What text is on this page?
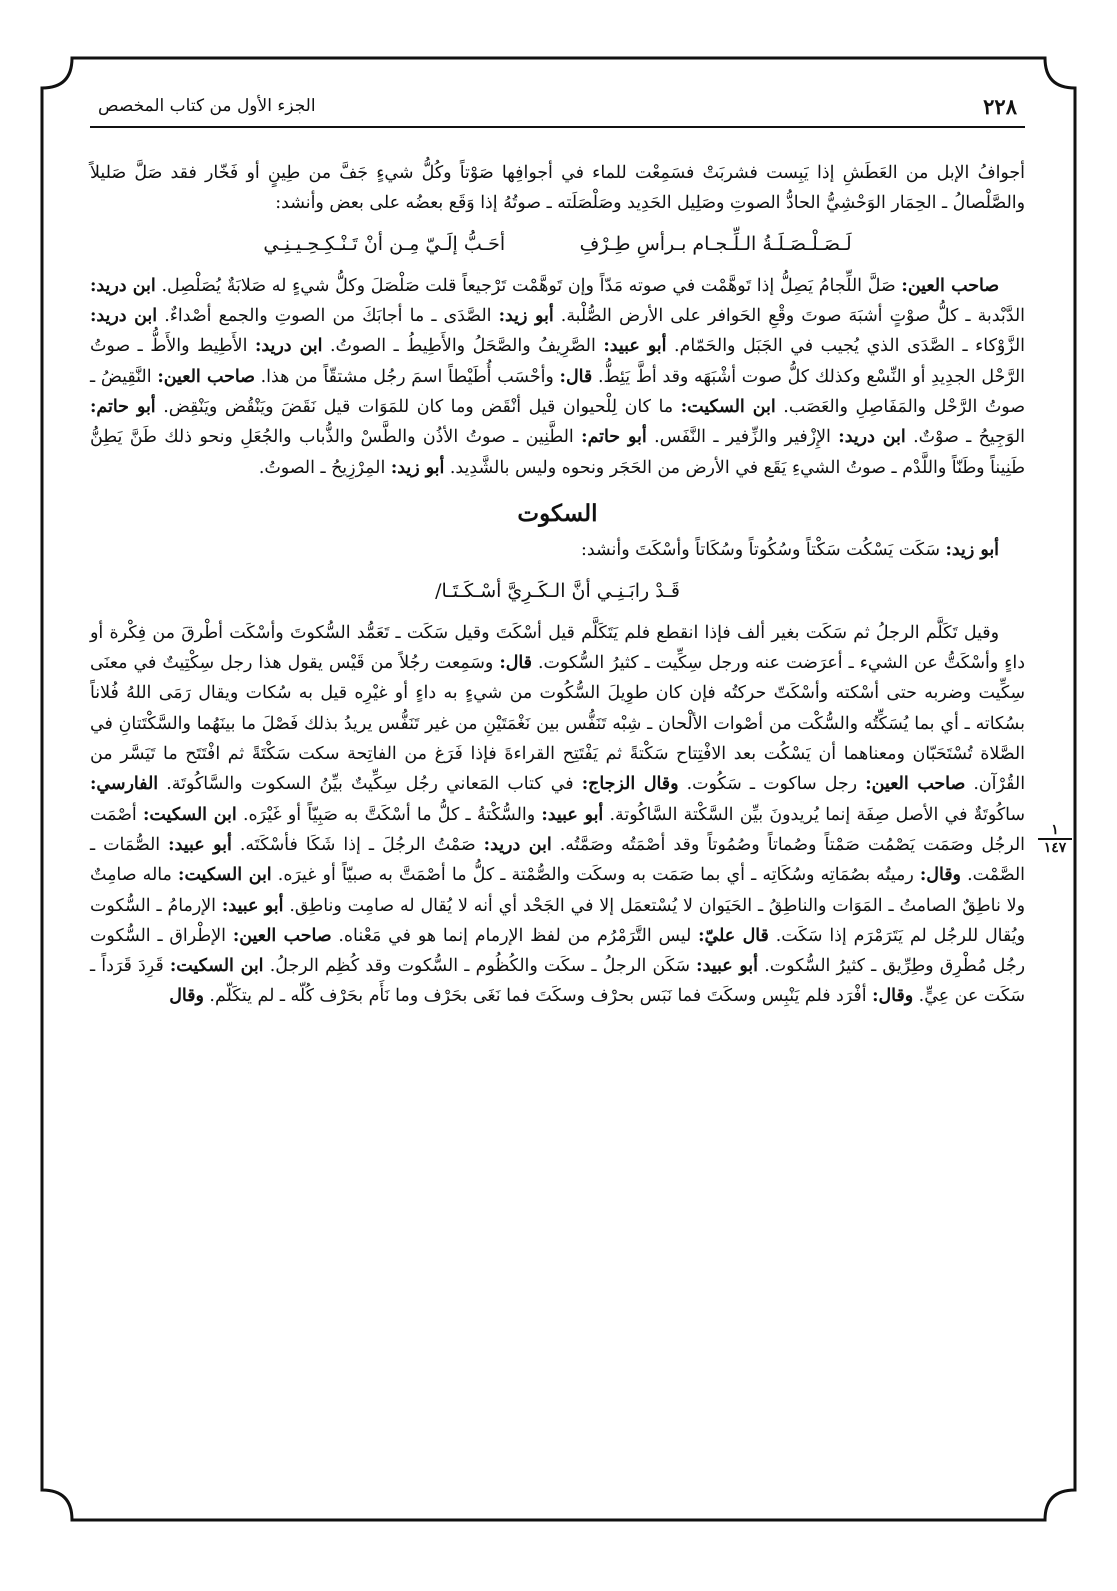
٢٢٨
الجزء الأول من كتاب المخصص

أجوافُ الإبل من العَطَشِ إذا يَبِست فشربَتْ فسَمِعْت للماء في أجوافِها صَوْتاً وكُلُّ شيءٍ جَفَّ من طِينٍ أو فَخّار فقد صَلَّ صَليلاً والصَّلْصالُ ـ الحِمَار الوَحْشِيُّ الحادُّ الصوتِ وصَلِيل الحَدِيد وصَلْصَلَته ـ صوتُهُ إذا وَقَع بعضُه على بعض وأنشد:

لَـصَـلْـصَـلَـةُ الـلِّـجـام بـرأسِ طِـرْفِ أحَـبُّ إلَـيّ مِـن أنْ تَـنْـكِـحِـيـنِـي

صاحب العين: صَلَّ اللِّجامُ يَصِلُّ إذا تَوهَّمْت في صوته مَدّاً وإن تَوهَّمْت تَرْجيعاً قلت صَلْصَلَ وكلُّ شيءٍ له صَلابَةٌ يُصَلْصِل. ابن دريد: الدَّبْدبة ـ كلُّ صوْتٍ أشبَهَ صوتَ وقْعِ الحَوافر على الأرض الصُّلْبة. أبو زيد: الصَّدَى ـ ما أجابَكَ من الصوتِ والجمع أصْداءٌ. ابن دريد: الزَّوْكاء ـ الصَّدَى الذي يُجيب في الجَبَل والحَمّام. أبو عبيد: الصَّرِيفُ والصَّحَلُ والأَطِيطُ ـ الصوتُ. ابن دريد: الأَطِيط والأَطُّ ـ صوتُ الرَّحْل الجدِيدِ أو النِّسْع وكذلك كلُّ صوت أشْبَهَه وقد أطَّ يَئِطُّ. قال: وأحْسَب أُطَيْطاً اسمَ رجُل مشتقّاً من هذا. صاحب العين: النَّقِيضُ ـ صوتُ الرَّحْل والمَفَاصِلِ والعَصَب. ابن السكيت: ما كان لِلْحيوان قيل أنْقَض وما كان للمَوَات قيل نَقَضَ ويَنْقُض ويَنْقِض. أبو حاتم: الوَجِيحُ ـ صوْتٌ. ابن دريد: الإِزْفير والزِّفير ـ النَّفَس. أبو حاتم: الطَّنِين ـ صوتُ الأذُن والطَّسْ والذُّباب والجُعَلِ ونحو ذلك طَنَّ يَطِنُّ طَنِيناً وطَنّاً واللَّدْم ـ صوتُ الشيءِ يَقَع في الأرض من الحَجَر ونحوه وليس بالشَّدِيد. أبو زيد: المِرْزِيحُ ـ الصوتُ.

السكوت

أبو زيد: سَكَت يَسْكُت سَكْتاً وسُكُوتاً وسُكَاتاً وأسْكَتَ وأنشد:

قَـدْ رابَـنِـي أنَّ الـكَـرِيَّ أسْـكَـتَـا/

وقيل تَكَلَّم الرجلُ ثم سَكَت بغير ألف فإذا انقطع فلم يَتَكَلَّم قيل أسْكَتَ وقيل سَكَت ـ تَعَمُّد السُّكوتَ وأسْكَت أطْرقَ من فِكْرة أو داءٍ وأسْكَتُّ عن الشيء ـ أعرَضت عنه ورجل سِكِّيت ـ كثيرُ السُّكوت. قال: وسَمِعت رجُلاً من قَيْس يقول هذا رجل سِكْتِيتٌ في معنَى سِكِّيت وضربه حتى أسْكته وأسْكَتّ حركتُه فإن كان طوِيلَ السُّكُوت من شيءٍ به داءٍ أو غيْرِه قيل به سُكات ويقال رَمَى اللهُ فُلاناً بسُكاته ـ أي بما يُسَكِّتُه والسُّكْت من أصْوات الألْحان ـ شِبْه تَنَفُّس بين نَغْمَتَيْنِ من غير تَنَفُّس يريدُ بذلك فَصْلَ ما بينَهُما والسَّكْتَتانِ في الصَّلاة تُسْتَحَبّان ومعناهما أن يَسْكُت بعد الافْتِتاح سَكْتةً ثم يَفْتَتِح القراءةَ فإذا فَرَغ من الفاتِحة سكت سَكْتَةً ثم افْتَتَح ما تَيَسَّر من القُرْآن. صاحب العين: رجل ساكوت ـ سَكُوت. وقال الزجاج: في كتاب المَعاني رجُل سِكِّيتٌ بيِّنُ السكوت والسَّاكُوتَة. الفارسي: ساكُوتَةٌ في الأصل صِفَة إنما يُريدونَ بيِّن السَّكْتة السَّاكُوتة. أبو عبيد: والسُّكْتةُ ـ كلُّ ما أسْكَتَّ به صَبِيّاً أو غَيْرَه. ابن السكيت: أصْمَت الرجُل وصَمَت يَصْمُت صَمْتاً وصُماتاً وصُمُوتاً وقد أصْمَتُه وصَمَّتُه. ابن دريد: صَمْتُ الرجُلَ ـ إذا شَكَا فأسْكَتَه. أبو عبيد: الصُّمَات ـ الصَّمْت. وقال: رميتُه بصُمَاتِه وسُكَاتِه ـ أي بما صَمَت به وسكَت والصُّمْتة ـ كلُّ ما أصْمَتَّ به صبيّاً أو غيرَه. ابن السكيت: ماله صامِتٌ ولا ناطِقٌ الصامتُ ـ المَوَات والناطِقُ ـ الحَيَوان لا يُسْتعمَل إلا في الجَحْد أي أنه لا يُقال له صامِت وناطِق. أبو عبيد: الإرمامُ ـ السُّكوت ويُقال للرجُل لم يَتَرَمْرَم إذا سَكَت. قال عليّ: ليس التَّرَمْرُم من لفظ الإرمام إنما هو في مَعْناه. صاحب العين: الإطْراق ـ السُّكوت رجُل مُطْرِق وطِرِّيق ـ كثيرُ السُّكوت. أبو عبيد: سَكَن الرجلُ ـ سكَت والكُظُوم ـ السُّكوت وقد كُظِم الرجلُ. ابن السكيت: قَرِدَ قَرَداً ـ سَكَت عن عِيٍّ. وقال: أفْرَد فلم يَنْبِس وسكَتَ فما نَبَس بحرْف وسكَتَ فما نَغَى بحَرْف وما نَأَم بحَرْف كُلّه ـ لم يتكَلّم. وقال

١
١٤٧
